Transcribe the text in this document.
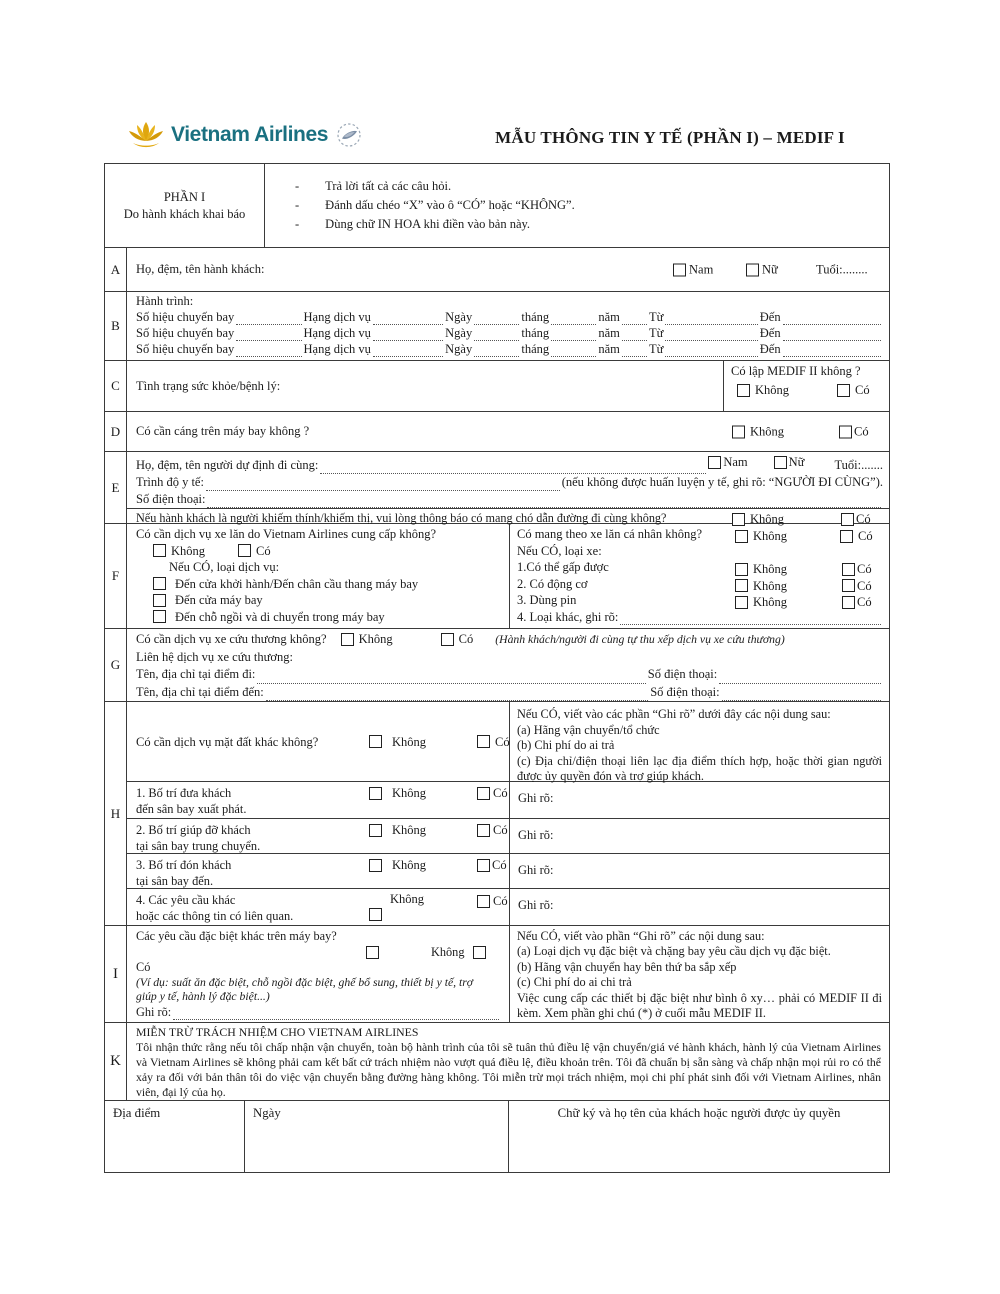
Vietnam Airlines	MẪU THÔNG TIN Y TẾ (PHẦN I) – MEDIF I
PHẦN I
Do hành khách khai báo
- Trả lời tất cả các câu hỏi.
- Đánh dấu chéo “X” vào ô “CÓ” hoặc “KHÔNG”.
- Dùng chữ IN HOA khi điền vào bản này.
A	Họ, đệm, tên hành khách:	Nam	Nữ	Tuổi:........
B
Hành trình:
Số hiệu chuyến bay	Hạng dịch vụ	Ngày	tháng	năm Từ	Đến
Số hiệu chuyến bay	Hạng dịch vụ	Ngày	tháng	năm Từ	Đến
Số hiệu chuyến bay	Hạng dịch vụ	Ngày	tháng	năm Từ	Đến
C	Tình trạng sức khỏe/bệnh lý:
Có lập MEDIF II không ?
Không	Có
D	Có cần cáng trên máy bay không ?	Không	Có
E
Họ, đệm, tên người dự định đi cùng:	Nam	Nữ Tuổi:.......
Trình độ y tế:	(nếu không được huấn luyện y tế, ghi rõ: “NGƯỜI ĐI CÙNG”).
Số điện thoại:
Nếu hành khách là người khiếm thính/khiếm thị, vui lòng thông báo có mang chó dẫn đường đi cùng không?	Không	Có
F
Có cần dịch vụ xe lăn do Vietnam Airlines cung cấp không?
Không	Có
Nếu CÓ, loại dịch vụ:
Đến cửa khởi hành/Đến chân cầu thang máy bay
Đến cửa máy bay
Đến chỗ ngồi và di chuyển trong máy bay
Có mang theo xe lăn cá nhân không?	Không	Có
Nếu CÓ, loại xe:
1.Có thể gấp được	Không	Có
2. Có động cơ	Không	Có
3. Dùng pin	Không	Có
4. Loại khác, ghi rõ:
G
Có cần dịch vụ xe cứu thương không?	Không	Có (Hành khách/người đi cùng tự thu xếp dịch vụ xe cứu thương)
Liên hệ dịch vụ xe cứu thương:
Tên, địa chỉ tại điểm đi:	Số điện thoại:
Tên, địa chỉ tại điểm đến:	Số điện thoại:
H
Có cần dịch vụ mặt đất khác không?	Không	Có
Nếu CÓ, viết vào các phần “Ghi rõ” dưới đây các nội dung sau:
(a) Hãng vận chuyển/tổ chức
(b) Chi phí do ai trả
(c) Địa chỉ/điện thoại liên lạc địa điểm thích hợp, hoặc thời gian người được ủy quyền đón và trợ giúp khách.
1. Bố trí đưa khách
đến sân bay xuất phát.
Không	Có Ghi rõ:
2. Bố trí giúp đỡ khách
tại sân bay trung chuyển.
Không	Có Ghi rõ:
3. Bố trí đón khách
tại sân bay đến.
Không	Có Ghi rõ:
4. Các yêu cầu khác
hoặc các thông tin có liên quan.
Không	Có Ghi rõ:
I
Các yêu cầu đặc biệt khác trên máy bay?
Không
Có
(Ví dụ: suất ăn đặc biệt, chỗ ngồi đặc biệt, ghế bổ sung, thiết bị y tế, trợ giúp y tế, hành lý đặc biệt...)
Ghi rõ:
Nếu CÓ, viết vào phần “Ghi rõ” các nội dung sau:
(a) Loại dịch vụ đặc biệt và chặng bay yêu cầu dịch vụ đặc biệt.
(b) Hãng vận chuyển hay bên thứ ba sắp xếp
(c) Chi phí do ai chi trả
Việc cung cấp các thiết bị đặc biệt như bình ô xy… phải có MEDIF II đi kèm. Xem phần ghi chú (*) ở cuối mẫu MEDIF II.
K
MIỄN TRỪ TRÁCH NHIỆM CHO VIETNAM AIRLINES
Tôi nhận thức rằng nếu tôi chấp nhận vận chuyển, toàn bộ hành trình của tôi sẽ tuân thủ điều lệ vận chuyển/giá vé hành khách, hành lý của Vietnam Airlines và Vietnam Airlines sẽ không phải cam kết bất cứ trách nhiệm nào vượt quá điều lệ, điều khoản trên. Tôi đã chuẩn bị sẵn sàng và chấp nhận mọi rủi ro có thể xảy ra đối với bản thân tôi do việc vận chuyển bằng đường hàng không. Tôi miễn trừ mọi trách nhiệm, mọi chi phí phát sinh đối với Vietnam Airlines, nhân viên, đại lý của họ.
Địa điểm	Ngày	Chữ ký và họ tên của khách hoặc người được ủy quyền
